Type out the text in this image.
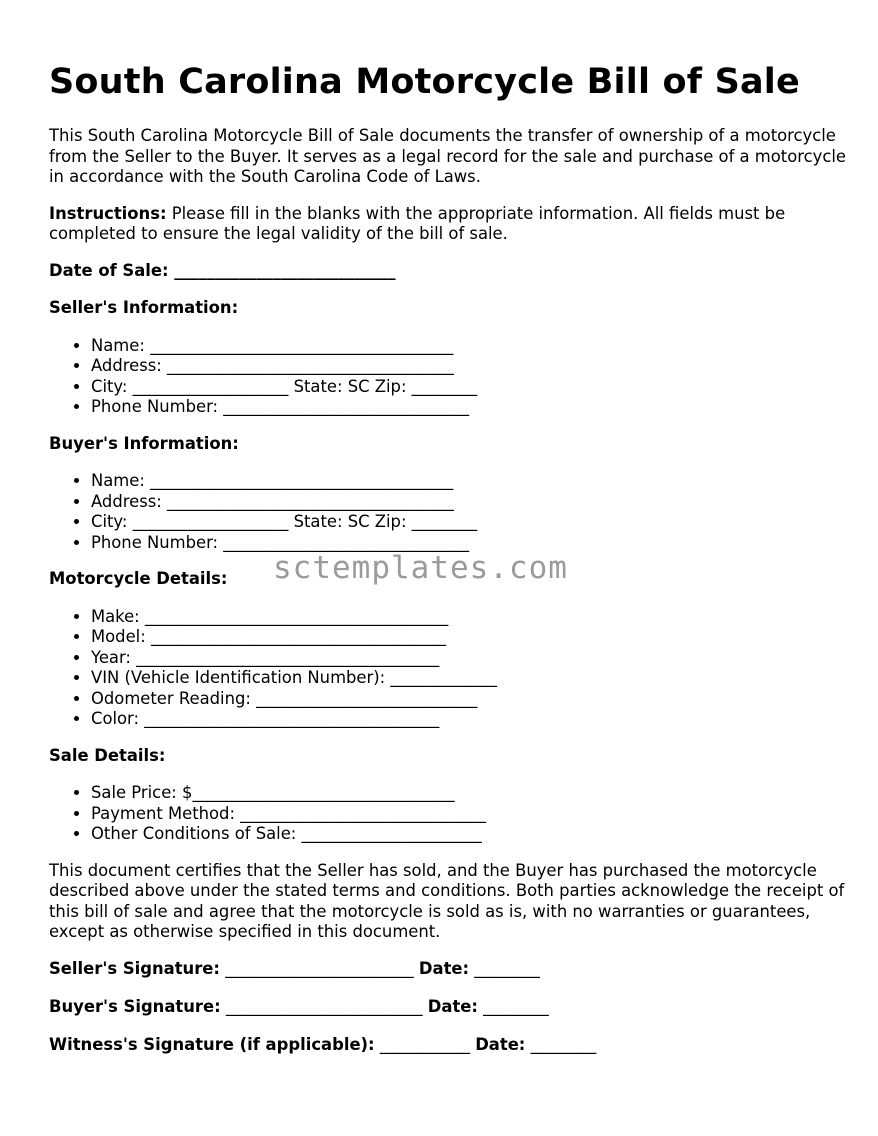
South Carolina Motorcycle Bill of Sale

This South Carolina Motorcycle Bill of Sale documents the transfer of ownership of a motorcycle from the Seller to the Buyer. It serves as a legal record for the sale and purchase of a motorcycle in accordance with the South Carolina Code of Laws.

Instructions: Please fill in the blanks with the appropriate information. All fields must be completed to ensure the legal validity of the bill of sale.

Date of Sale: ___________________________
Seller's Information:
• Name: _____________________________________
• Address: ___________________________________
• City: ___________________ State: SC Zip: ________
• Phone Number: ______________________________
Buyer's Information:
• Name: _____________________________________
• Address: ___________________________________
• City: ___________________ State: SC Zip: ________
• Phone Number: ______________________________
Motorcycle Details:
• Make: _____________________________________
• Model: ____________________________________
• Year: _____________________________________
• VIN (Vehicle Identification Number): _____________
• Odometer Reading: ___________________________
• Color: ____________________________________
Sale Details:
• Sale Price: $________________________________
• Payment Method: ______________________________
• Other Conditions of Sale: ______________________

This document certifies that the Seller has sold, and the Buyer has purchased the motorcycle described above under the stated terms and conditions. Both parties acknowledge the receipt of this bill of sale and agree that the motorcycle is sold as is, with no warranties or guarantees, except as otherwise specified in this document.

Seller's Signature: _______________________ Date: ________
Buyer's Signature: ________________________ Date: ________
Witness's Signature (if applicable): ___________ Date: ________
sctemplates.com
